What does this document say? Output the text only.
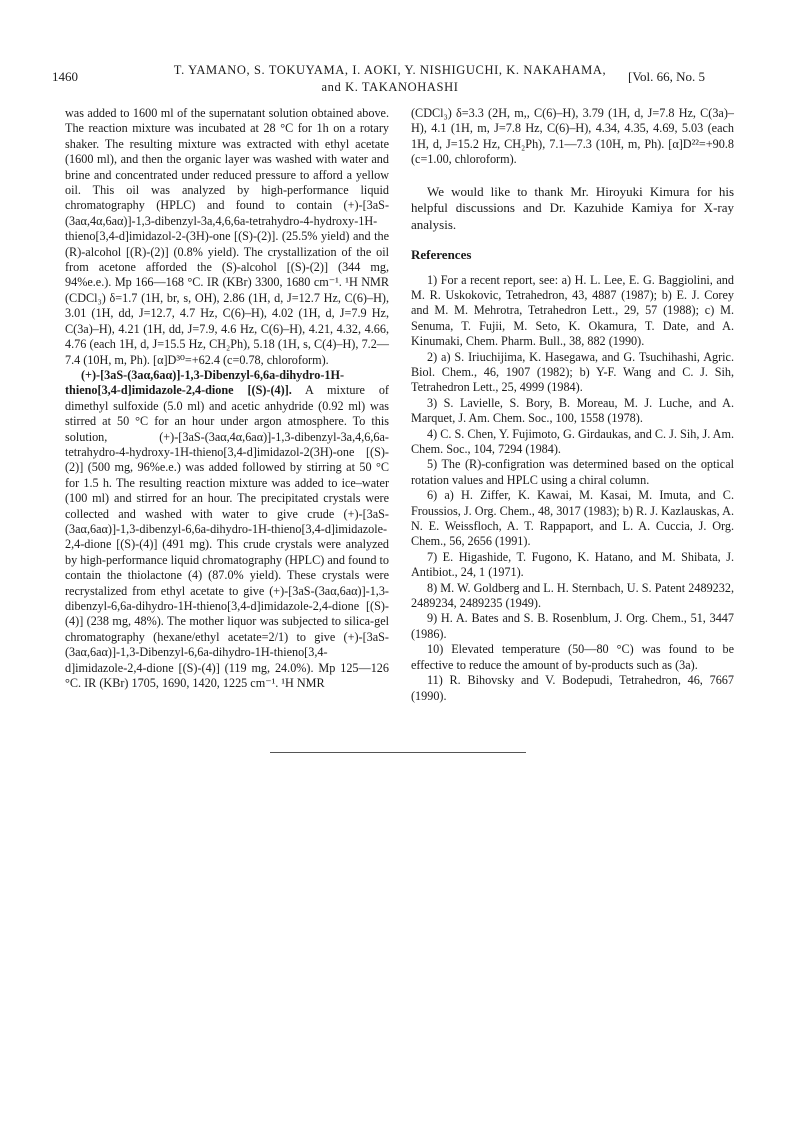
1460	T. YAMANO, S. TOKUYAMA, I. AOKI, Y. NISHIGUCHI, K. NAKAHAMA,
and K. TAKANOHASHI
[Vol. 66, No. 5

was added to 1600 ml of the supernatant solution obtained above. The reaction mixture was incubated at 28 °C for 1h on a rotary shaker. The resulting mixture was extracted with ethyl acetate (1600 ml), and then the organic layer was washed with water and brine and concentrated under reduced pressure to afford a yellow oil. This oil was analyzed by high-performance liquid chromatography (HPLC) and found to contain (+)-[3aS-(3aα,4α,6aα)]-1,3-dibenzyl-3a,4,6,6a-tetrahydro-4-hydroxy-1H-thieno[3,4-d]imidazol-2-(3H)-one [(S)-(2)]. (25.5% yield) and the (R)-alcohol [(R)-(2)] (0.8% yield). The crystallization of the oil from acetone afforded the (S)-alcohol [(S)-(2)] (344 mg, 94%e.e.). Mp 166—168 °C. IR (KBr) 3300, 1680 cm⁻¹. ¹H NMR (CDCl₃) δ=1.7 (1H, br, s, OH), 2.86 (1H, d, J=12.7 Hz, C(6)–H), 3.01 (1H, dd, J=12.7, 4.7 Hz, C(6)–H), 4.02 (1H, d, J=7.9 Hz, C(3a)–H), 4.21 (1H, dd, J=7.9, 4.6 Hz, C(6)–H), 4.21, 4.32, 4.66, 4.76 (each 1H, d, J=15.5 Hz, CH₂Ph), 5.18 (1H, s, C(4)–H), 7.2—7.4 (10H, m, Ph). [α]D³⁰=+62.4 (c=0.78, chloroform).

(+)-[3aS-(3aα,6aα)]-1,3-Dibenzyl-6,6a-dihydro-1H-thieno[3,4-d]imidazole-2,4-dione [(S)-(4)]. A mixture of dimethyl sulfoxide (5.0 ml) and acetic anhydride (0.92 ml) was stirred at 50 °C for an hour under argon atmosphere. To this solution, (+)-[3aS-(3aα,4α,6aα)]-1,3-dibenzyl-3a,4,6,6a-tetrahydro-4-hydroxy-1H-thieno[3,4-d]imidazol-2(3H)-one [(S)-(2)] (500 mg, 96%e.e.) was added followed by stirring at 50 °C for 1.5 h. The resulting reaction mixture was added to ice–water (100 ml) and stirred for an hour. The precipitated crystals were collected and washed with water to give crude (+)-[3aS-(3aα,6aα)]-1,3-dibenzyl-6,6a-dihydro-1H-thieno[3,4-d]imidazole-2,4-dione [(S)-(4)] (491 mg). This crude crystals were analyzed by high-performance liquid chromatography (HPLC) and found to contain the thiolactone (4) (87.0% yield). These crystals were recrystalized from ethyl acetate to give (+)-[3aS-(3aα,6aα)]-1,3-dibenzyl-6,6a-dihydro-1H-thieno[3,4-d]imidazole-2,4-dione [(S)-(4)] (238 mg, 48%). The mother liquor was subjected to silica-gel chromatography (hexane/ethyl acetate=2/1) to give (+)-[3aS-(3aα,6aα)]-1,3-Dibenzyl-6,6a-dihydro-1H-thieno[3,4-d]imidazole-2,4-dione [(S)-(4)] (119 mg, 24.0%). Mp 125—126 °C. IR (KBr) 1705, 1690, 1420, 1225 cm⁻¹. ¹H NMR

(CDCl₃) δ=3.3 (2H, m,, C(6)–H), 3.79 (1H, d, J=7.8 Hz, C(3a)–H), 4.1 (1H, m, J=7.8 Hz, C(6)–H), 4.34, 4.35, 4.69, 5.03 (each 1H, d, J=15.2 Hz, CH₂Ph), 7.1—7.3 (10H, m, Ph). [α]D²²=+90.8 (c=1.00, chloroform).

We would like to thank Mr. Hiroyuki Kimura for his helpful discussions and Dr. Kazuhide Kamiya for X-ray analysis.

References

1) For a recent report, see: a) H. L. Lee, E. G. Baggiolini, and M. R. Uskokovic, Tetrahedron, 43, 4887 (1987); b) E. J. Corey and M. M. Mehrotra, Tetrahedron Lett., 29, 57 (1988); c) M. Senuma, T. Fujii, M. Seto, K. Okamura, T. Date, and A. Kinumaki, Chem. Pharm. Bull., 38, 882 (1990).

2) a) S. Iriuchijima, K. Hasegawa, and G. Tsuchihashi, Agric. Biol. Chem., 46, 1907 (1982); b) Y-F. Wang and C. J. Sih, Tetrahedron Lett., 25, 4999 (1984).

3) S. Lavielle, S. Bory, B. Moreau, M. J. Luche, and A. Marquet, J. Am. Chem. Soc., 100, 1558 (1978).

4) C. S. Chen, Y. Fujimoto, G. Girdaukas, and C. J. Sih, J. Am. Chem. Soc., 104, 7294 (1984).

5) The (R)-configration was determined based on the optical rotation values and HPLC using a chiral column.

6) a) H. Ziffer, K. Kawai, M. Kasai, M. Imuta, and C. Froussios, J. Org. Chem., 48, 3017 (1983); b) R. J. Kazlauskas, A. N. E. Weissfloch, A. T. Rappaport, and L. A. Cuccia, J. Org. Chem., 56, 2656 (1991).

7) E. Higashide, T. Fugono, K. Hatano, and M. Shibata, J. Antibiot., 24, 1 (1971).

8) M. W. Goldberg and L. H. Sternbach, U. S. Patent 2489232, 2489234, 2489235 (1949).

9) H. A. Bates and S. B. Rosenblum, J. Org. Chem., 51, 3447 (1986).

10) Elevated temperature (50—80 °C) was found to be effective to reduce the amount of by-products such as (3a).

11) R. Bihovsky and V. Bodepudi, Tetrahedron, 46, 7667 (1990).
